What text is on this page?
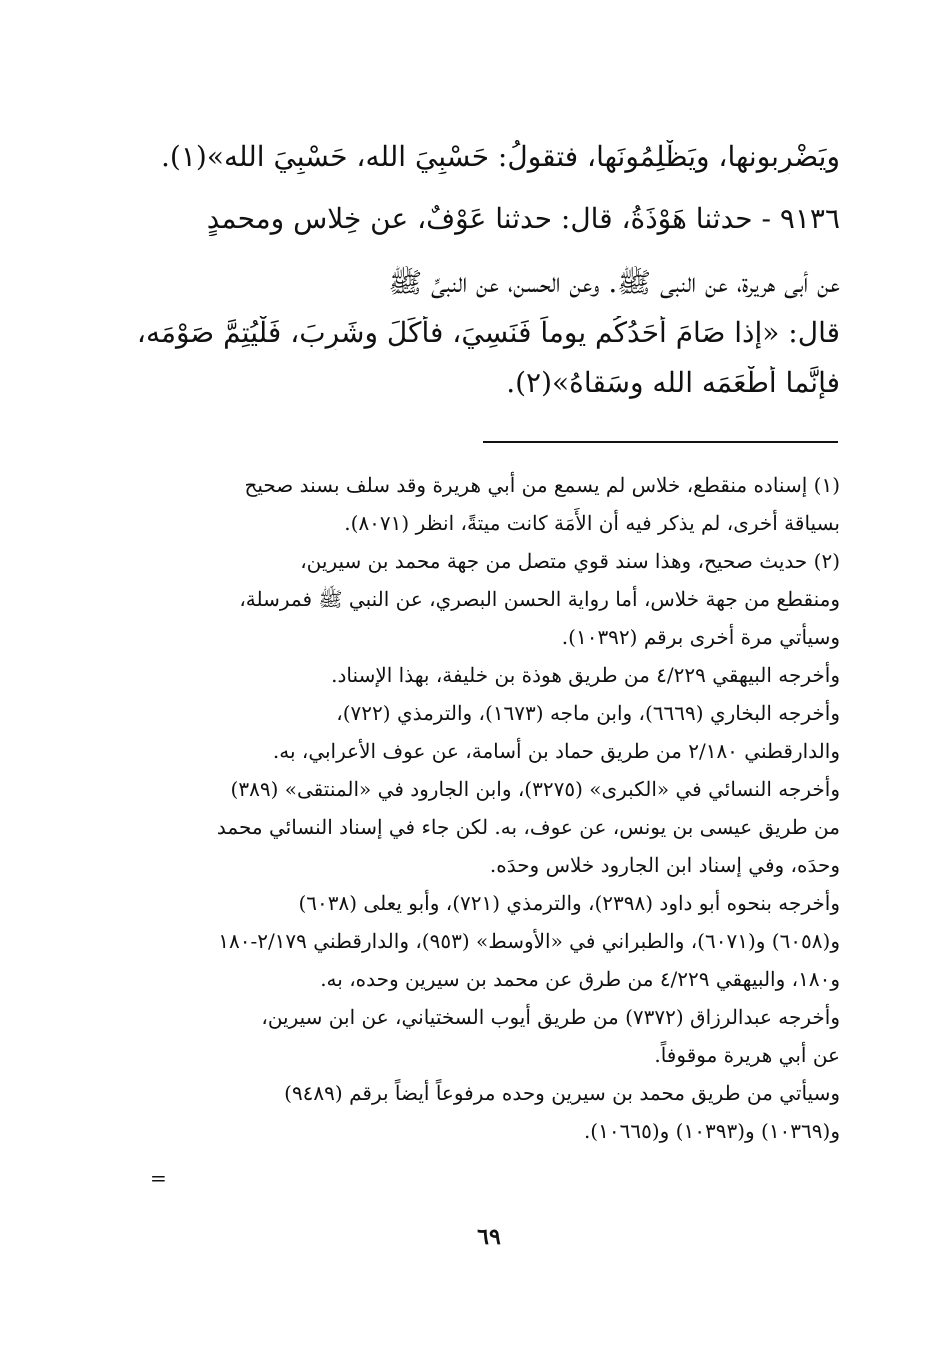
ويَضْرِبونها، ويَظْلِمُونَها، فتقولُ: حَسْبِيَ الله، حَسْبِيَ الله»(١).
٩١٣٦ - حدثنا هَوْذَةُ، قال: حدثنا عَوْفٌ، عن خِلاسٍ ومحمدٍ
عن أبي هريرة، عن النبي ﷺ. وعن الحسن، عن النبيِّ ﷺ
قال: «إذا صَامَ أَحَدُكُم يوماً فَنَسِيَ، فأَكَلَ وشَرِبَ، فَلْيُتِمَّ صَوْمَه،
فإنَّما أَطْعَمَه الله وسَقاهُ»(٢).
(١) إسناده منقطع، خلاس لم يسمع من أبي هريرة وقد سلف بسند صحيح
بسياقة أخرى، لم يذكر فيه أن الأَمَة كانت ميتةً، انظر (٨٠٧١).
(٢) حديث صحيح، وهذا سند قوي متصل من جهة محمد بن سيرين،
ومنقطع من جهة خلاس، أما رواية الحسن البصري، عن النبي ﷺ فمرسلة،
وسيأتي مرة أخرى برقم (١٠٣٩٢).
وأخرجه البيهقي ٤/٢٢٩ من طريق هوذة بن خليفة، بهذا الإسناد.
وأخرجه البخاري (٦٦٦٩)، وابن ماجه (١٦٧٣)، والترمذي (٧٢٢)،
والدارقطني ٢/١٨٠ من طريق حماد بن أسامة، عن عوف الأعرابي، به.
وأخرجه النسائي في «الكبرى» (٣٢٧٥)، وابن الجارود في «المنتقى» (٣٨٩)
من طريق عيسى بن يونس، عن عوف، به. لكن جاء في إسناد النسائي محمد
وحدَه، وفي إسناد ابن الجارود خلاس وحدَه.
وأخرجه بنحوه أبو داود (٢٣٩٨)، والترمذي (٧٢١)، وأبو يعلى (٦٠٣٨)
و(٦٠٥٨) و(٦٠٧١)، والطبراني في «الأوسط» (٩٥٣)، والدارقطني ٢/١٧٩-١٨٠
و١٨٠، والبيهقي ٤/٢٢٩ من طرق عن محمد بن سيرين وحده، به.
وأخرجه عبدالرزاق (٧٣٧٢) من طريق أيوب السختياني، عن ابن سيرين،
عن أبي هريرة موقوفاً.
وسيأتي من طريق محمد بن سيرين وحده مرفوعاً أيضاً برقم (٩٤٨٩)
و(١٠٣٦٩) و(١٠٣٩٣) و(١٠٦٦٥).
=
٦٩
